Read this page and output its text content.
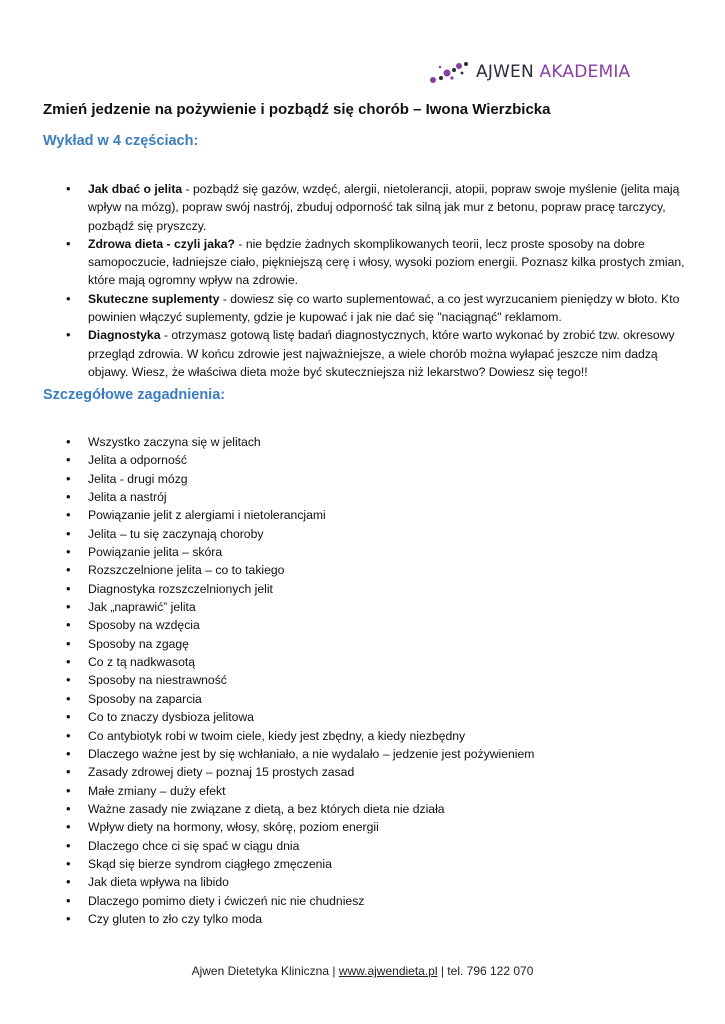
AJWEN AKADEMIA
Zmień jedzenie na pożywienie i pozbądź się chorób – Iwona Wierzbicka
Wykład w 4 częściach:
• Jak dbać o jelita - pozbądź się gazów, wzdęć, alergii, nietolerancji, atopii, popraw swoje myślenie (jelita mają wpływ na mózg), popraw swój nastrój, zbuduj odporność tak silną jak mur z betonu, popraw pracę tarczycy, pozbądź się pryszczy.
• Zdrowa dieta - czyli jaka? - nie będzie żadnych skomplikowanych teorii, lecz proste sposoby na dobre samopoczucie, ładniejsze ciało, piękniejszą cerę i włosy, wysoki poziom energii. Poznasz kilka prostych zmian, które mają ogromny wpływ na zdrowie.
• Skuteczne suplementy - dowiesz się co warto suplementować, a co jest wyrzucaniem pieniędzy w błoto. Kto powinien włączyć suplementy, gdzie je kupować i jak nie dać się "naciągnąć" reklamom.
• Diagnostyka - otrzymasz gotową listę badań diagnostycznych, które warto wykonać by zrobić tzw. okresowy przegląd zdrowia. W końcu zdrowie jest najważniejsze, a wiele chorób można wyłapać jeszcze nim dadzą objawy. Wiesz, że właściwa dieta może być skuteczniejsza niż lekarstwo? Dowiesz się tego!!
Szczegółowe zagadnienia:
• Wszystko zaczyna się w jelitach
• Jelita a odporność
• Jelita - drugi mózg
• Jelita a nastrój
• Powiązanie jelit z alergiami i nietolerancjami
• Jelita – tu się zaczynają choroby
• Powiązanie jelita – skóra
• Rozszczelnione jelita – co to takiego
• Diagnostyka rozszczelnionych jelit
• Jak „naprawić” jelita
• Sposoby na wzdęcia
• Sposoby na zgagę
• Co z tą nadkwasotą
• Sposoby na niestrawność
• Sposoby na zaparcia
• Co to znaczy dysbioza jelitowa
• Co antybiotyk robi w twoim ciele, kiedy jest zbędny, a kiedy niezbędny
• Dlaczego ważne jest by się wchłaniało, a nie wydalało – jedzenie jest pożywieniem
• Zasady zdrowej diety – poznaj 15 prostych zasad
• Małe zmiany – duży efekt
• Ważne zasady nie związane z dietą, a bez których dieta nie działa
• Wpływ diety na hormony, włosy, skórę, poziom energii
• Dlaczego chce ci się spać w ciągu dnia
• Skąd się bierze syndrom ciągłego zmęczenia
• Jak dieta wpływa na libido
• Dlaczego pomimo diety i ćwiczeń nic nie chudniesz
• Czy gluten to zło czy tylko moda
Ajwen Dietetyka Kliniczna | www.ajwendieta.pl | tel. 796 122 070
